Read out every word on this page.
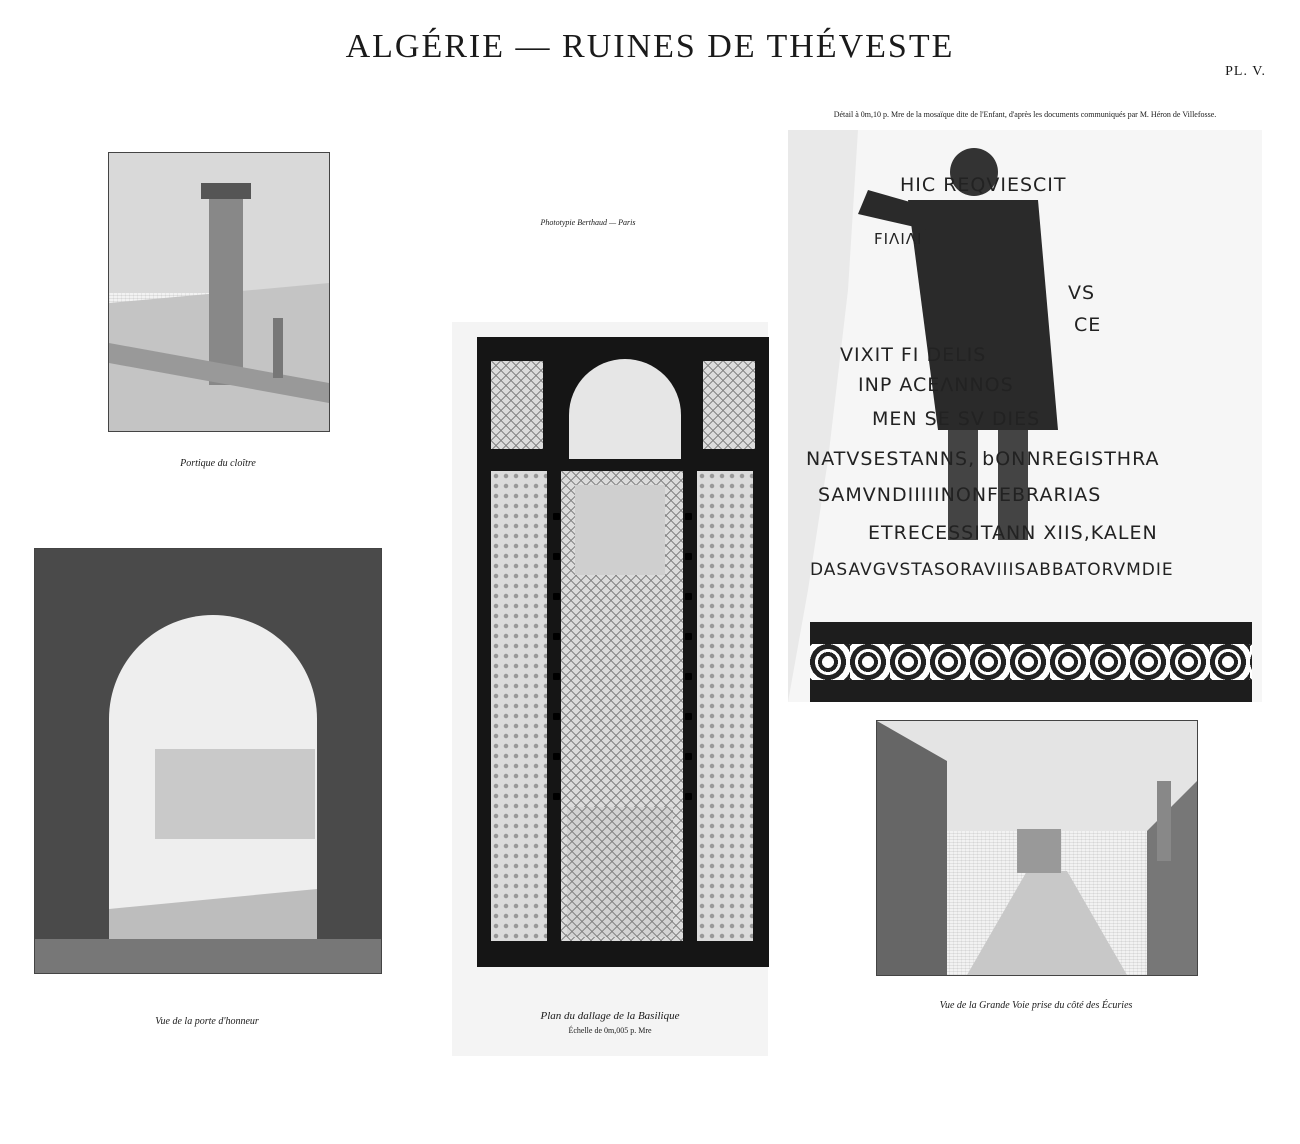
ALGÉRIE — RUINES DE THÉVESTE
PL. V.
Phototypie Berthaud — Paris
Détail à 0m,10 p. Mre de la mosaïque dite de l'Enfant, d'après les documents communiqués par M. Héron de Villefosse.
Portique du cloître
Vue de la porte d'honneur	Plan du dallage de la Basilique
Échelle de 0m,005 p. Mre
HIC REQVIESCIT
FIΛIΛI
VS
CE
VIXIT FI DELIS
INP ACEΛNNOS
MEN SE SV DIES
NATVSESTANNS, bONNREGISTHRA
SAMVNDIIIIINONFEBRARIAS
ETRECESSITANN XIIS,KALEN
DASAVGVSTASORAVIIISABBATORVMDIE
Vue de la Grande Voie prise du côté des Écuries
